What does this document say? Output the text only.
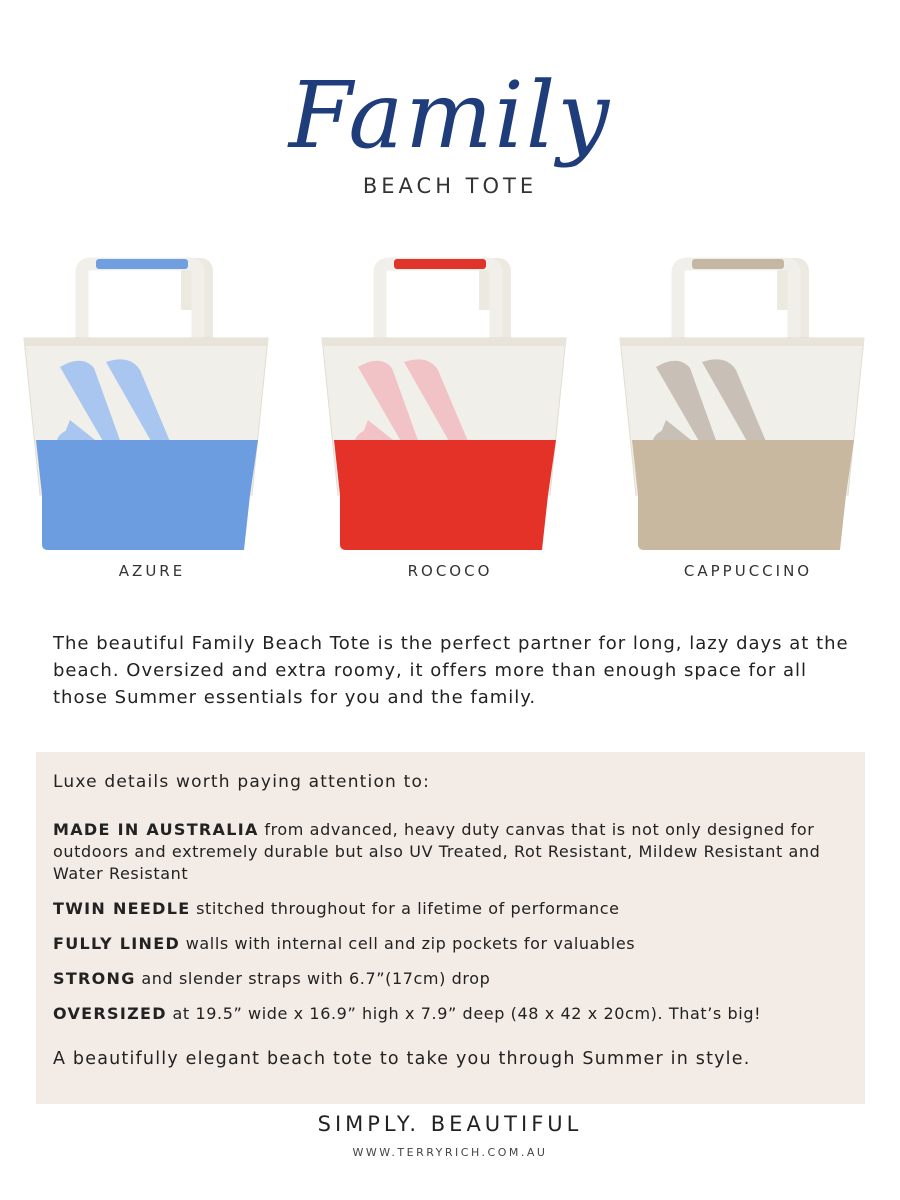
Family
BEACH TOTE
AZURE	ROCOCO	CAPPUCCINO

The beautiful Family Beach Tote is the perfect partner for long, lazy days at the beach. Oversized and extra roomy, it offers more than enough space for all those Summer essentials for you and the family.

Luxe details worth paying attention to:

MADE IN AUSTRALIA from advanced, heavy duty canvas that is not only designed for outdoors and extremely durable but also UV Treated, Rot Resistant, Mildew Resistant and Water Resistant

TWIN NEEDLE stitched throughout for a lifetime of performance

FULLY LINED walls with internal cell and zip pockets for valuables

STRONG and slender straps with 6.7”(17cm) drop

OVERSIZED at 19.5” wide x 16.9” high x 7.9” deep (48 x 42 x 20cm). That’s big!

A beautifully elegant beach tote to take you through Summer in style.

SIMPLY. BEAUTIFUL
WWW.TERRYRICH.COM.AU
